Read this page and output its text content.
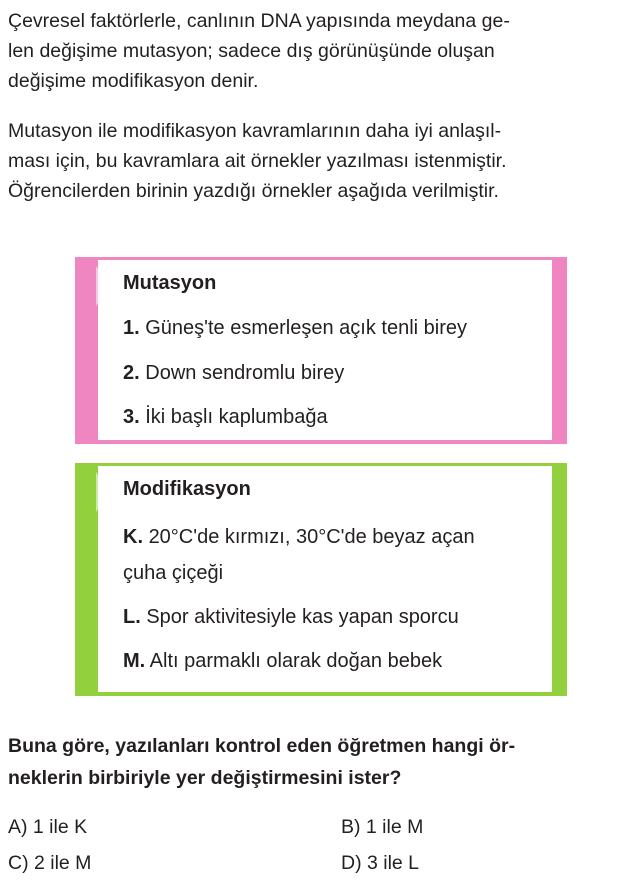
Çevresel faktörlerle, canlının DNA yapısında meydana ge-
len değişime mutasyon; sadece dış görünüşünde oluşan
değişime modifikasyon denir.

Mutasyon ile modifikasyon kavramlarının daha iyi anlaşıl-
ması için, bu kavramlara ait örnekler yazılması istenmiştir.
Öğrencilerden birinin yazdığı örnekler aşağıda verilmiştir.

Mutasyon
1. Güneş'te esmerleşen açık tenli birey
2. Down sendromlu birey
3. İki başlı kaplumbağa
Modifikasyon
K. 20°C'de kırmızı, 30°C'de beyaz açan
çuha çiçeği
L. Spor aktivitesiyle kas yapan sporcu
M. Altı parmaklı olarak doğan bebek

Buna göre, yazılanları kontrol eden öğretmen hangi ör-
neklerin birbiriyle yer değiştirmesini ister?

A) 1 ile K	B) 1 ile M
C) 2 ile M	D) 3 ile L
